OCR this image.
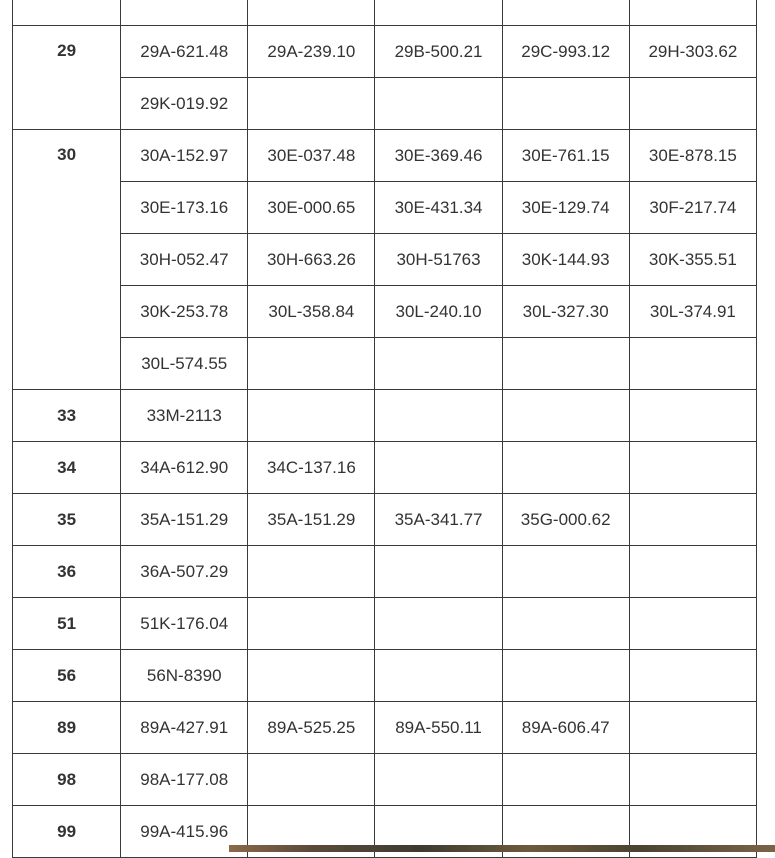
29	29A-621.48	29A-239.10	29B-500.21	29C-993.12	29H-303.62
	29K-019.92				
30	30A-152.97	30E-037.48	30E-369.46	30E-761.15	30E-878.15
	30E-173.16	30E-000.65	30E-431.34	30E-129.74	30F-217.74
	30H-052.47	30H-663.26	30H-51763	30K-144.93	30K-355.51
	30K-253.78	30L-358.84	30L-240.10	30L-327.30	30L-374.91
	30L-574.55				
33	33M-2113				
34	34A-612.90	34C-137.16			
35	35A-151.29	35A-151.29	35A-341.77	35G-000.62	
36	36A-507.29				
51	51K-176.04				
56	56N-8390				
89	89A-427.91	89A-525.25	89A-550.11	89A-606.47	
98	98A-177.08				
99	99A-415.96				
